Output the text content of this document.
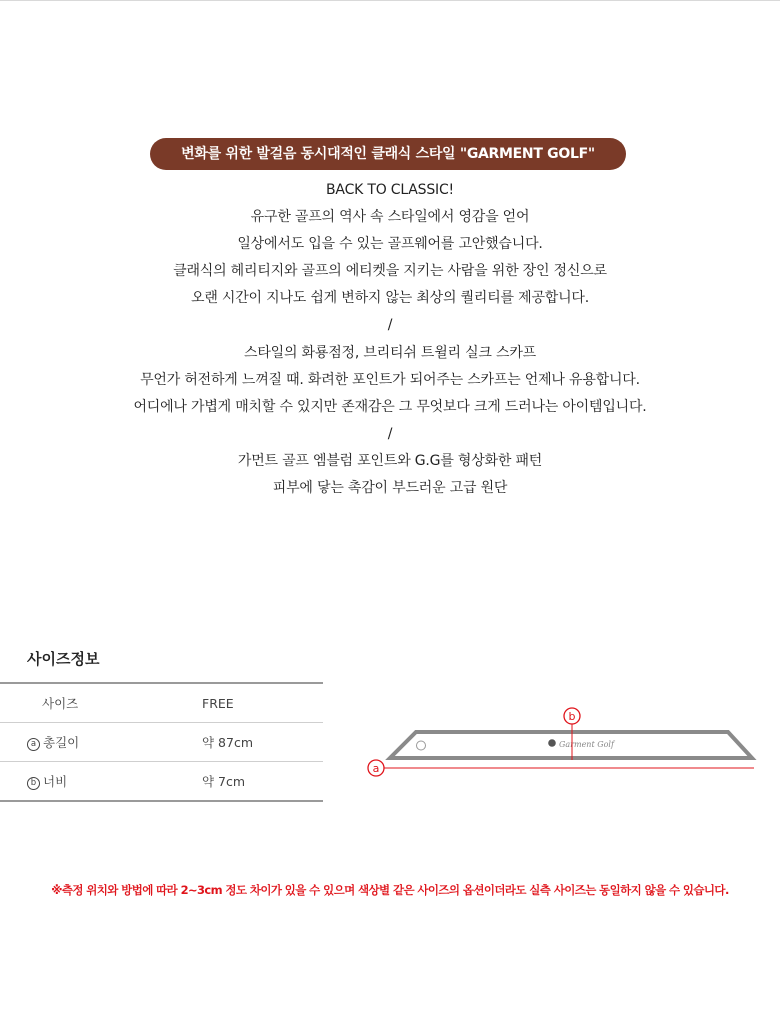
변화를 위한 발걸음 동시대적인 클래식 스타일 "GARMENT GOLF"

BACK TO CLASSIC!

유구한 골프의 역사 속 스타일에서 영감을 얻어

일상에서도 입을 수 있는 골프웨어를 고안했습니다.

클래식의 헤리티지와 골프의 에티켓을 지키는 사람을 위한 장인 정신으로

오랜 시간이 지나도 쉽게 변하지 않는 최상의 퀄리티를 제공합니다.

/

스타일의 화룡점정, 브리티쉬 트윌리 실크 스카프

무언가 허전하게 느껴질 때. 화려한 포인트가 되어주는 스카프는 언제나 유용합니다.

어디에나 가볍게 매치할 수 있지만 존재감은 그 무엇보다 크게 드러나는 아이템입니다.

/

가먼트 골프 엠블럼 포인트와 G.G를 형상화한 패턴

피부에 닿는 촉감이 부드러운 고급 원단

사이즈정보
사이즈	FREE
a 총길이	약 87cm
b 너비	약 7cm
Garment Golf
b
a
※측정 위치와 방법에 따라 2~3cm 정도 차이가 있을 수 있으며 색상별 같은 사이즈의 옵션이더라도 실측 사이즈는 동일하지 않을 수 있습니다.
